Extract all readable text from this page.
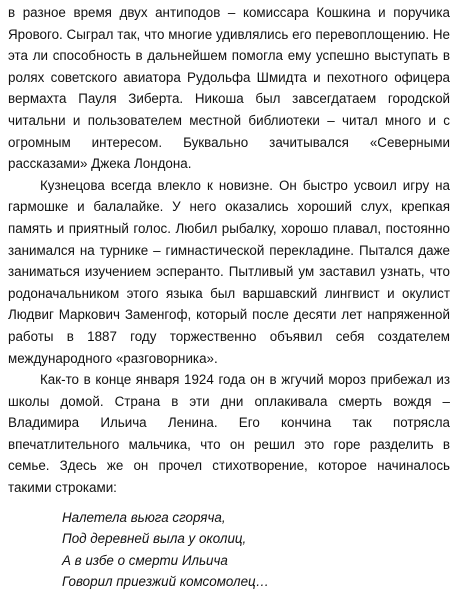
в разное время двух антиподов – комиссара Кошкина и поручика Ярового. Сыграл так, что многие удивлялись его перевоплощению. Не эта ли способность в дальнейшем помогла ему успешно выступать в ролях советского авиатора Рудольфа Шмидта и пехотного офицера вермахта Пауля Зиберта. Никоша был завсегдатаем городской читальни и пользователем местной библиотеки – читал много и с огромным интересом. Буквально зачитывался «Северными рассказами» Джека Лондона.

Кузнецова всегда влекло к новизне. Он быстро усвоил игру на гармошке и балалайке. У него оказались хороший слух, крепкая память и приятный голос. Любил рыбалку, хорошо плавал, постоянно занимался на турнике – гимнастической перекладине. Пытался даже заниматься изучением эсперанто. Пытливый ум заставил узнать, что родоначальником этого языка был варшавский лингвист и окулист Людвиг Маркович Заменгоф, который после десяти лет напряженной работы в 1887 году торжественно объявил себя создателем международного «разговорника».

Как-то в конце января 1924 года он в жгучий мороз прибежал из школы домой. Страна в эти дни оплакивала смерть вождя – Владимира Ильича Ленина. Его кончина так потрясла впечатлительного мальчика, что он решил это горе разделить в семье. Здесь же он прочел стихотворение, которое начиналось такими строками:

Налетела вьюга сгоряча,
Под деревней выла у околиц,
А в избе о смерти Ильича
Говорил приезжий комсомолец…
